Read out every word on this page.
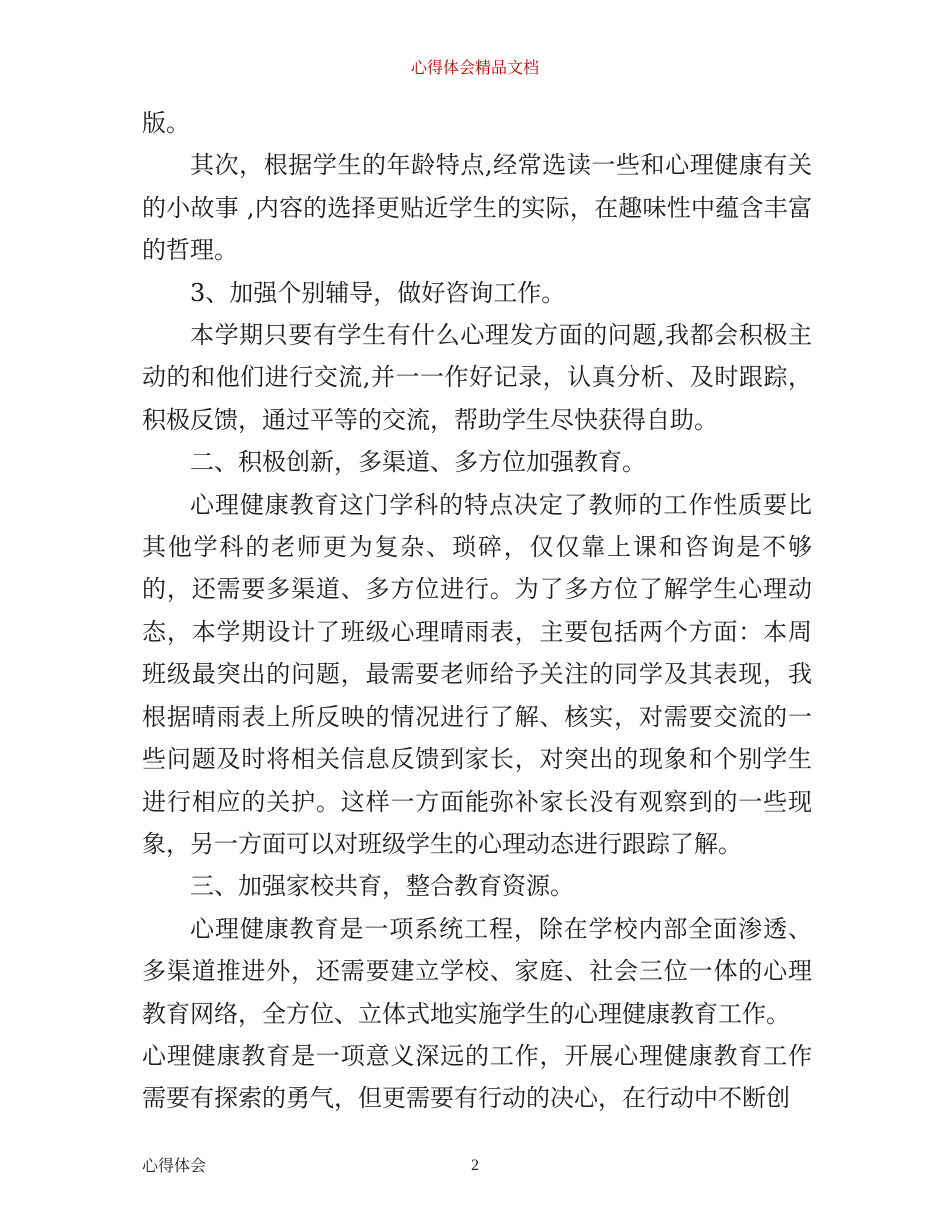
心得体会精品文档

版。

其次，根据学生的年龄特点,经常选读一些和心理健康有关的小故事 ,内容的选择更贴近学生的实际，在趣味性中蕴含丰富的哲理。

3、加强个别辅导，做好咨询工作。

本学期只要有学生有什么心理发方面的问题,我都会积极主动的和他们进行交流,并一一作好记录，认真分析、及时跟踪，积极反馈，通过平等的交流，帮助学生尽快获得自助。

二、积极创新，多渠道、多方位加强教育。

心理健康教育这门学科的特点决定了教师的工作性质要比其他学科的老师更为复杂、琐碎，仅仅靠上课和咨询是不够的，还需要多渠道、多方位进行。为了多方位了解学生心理动态，本学期设计了班级心理晴雨表，主要包括两个方面：本周班级最突出的问题，最需要老师给予关注的同学及其表现，我根据晴雨表上所反映的情况进行了解、核实，对需要交流的一些问题及时将相关信息反馈到家长，对突出的现象和个别学生进行相应的关护。这样一方面能弥补家长没有观察到的一些现象，另一方面可以对班级学生的心理动态进行跟踪了解。

三、加强家校共育，整合教育资源。

心理健康教育是一项系统工程，除在学校内部全面渗透、多渠道推进外，还需要建立学校、家庭、社会三位一体的心理教育网络，全方位、立体式地实施学生的心理健康教育工作。

心理健康教育是一项意义深远的工作，开展心理健康教育工作需要有探索的勇气，但更需要有行动的决心，在行动中不断创

心得体会	2
